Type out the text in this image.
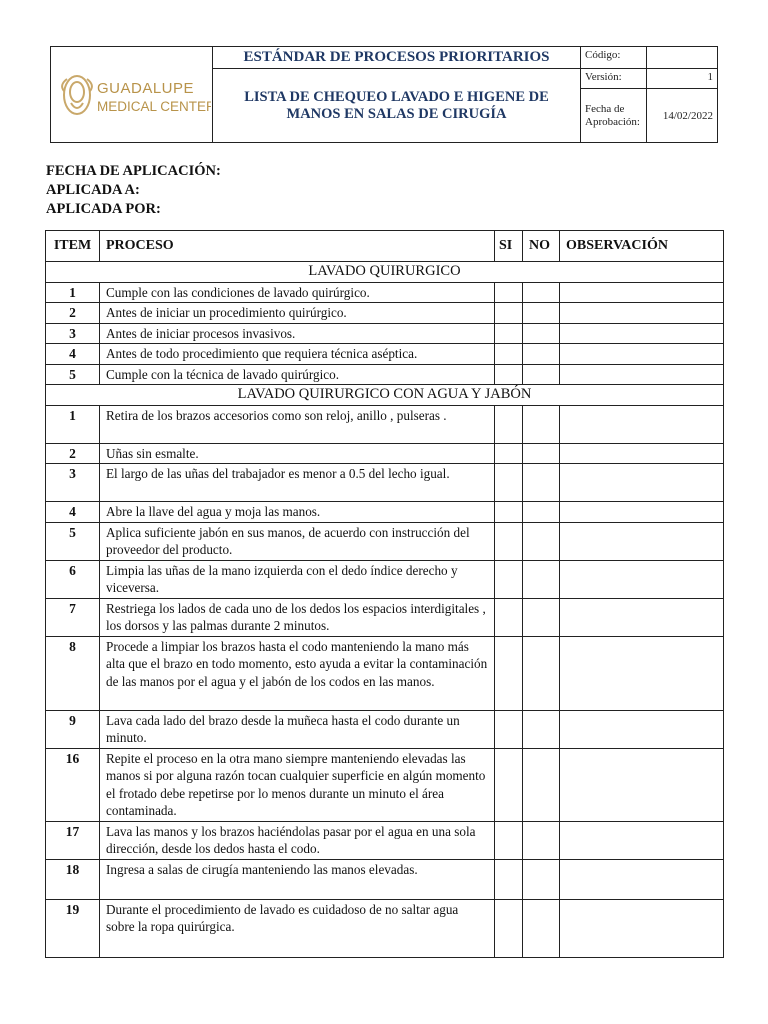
GUADALUPE
MEDICAL CENTER
ESTÁNDAR DE PROCESOS PRIORITARIOS
LISTA DE CHEQUEO LAVADO E HIGENE DE MANOS EN SALAS DE CIRUGÍA
Código:
Versión:	1
Fecha de Aprobación:	14/02/2022
FECHA DE APLICACIÓN:
APLICADA A:
APLICADA POR:
ITEM	PROCESO	SI	NO	OBSERVACIÓN
LAVADO QUIRURGICO				
1	Cumple con las condiciones de lavado quirúrgico.			
2	Antes de iniciar un procedimiento quirúrgico.			
3	Antes de iniciar procesos invasivos.			
4	Antes de todo procedimiento que requiera técnica aséptica.			
5	Cumple con la técnica de lavado quirúrgico.			
LAVADO QUIRURGICO CON AGUA Y JABÓN				
1	Retira de los brazos accesorios como son reloj, anillo , pulseras .			
2	Uñas sin esmalte.			
3	El largo de las uñas del trabajador es menor a 0.5 del lecho igual.			
4	Abre la llave del agua y moja las manos.			
5	Aplica suficiente jabón en sus manos, de acuerdo con instrucción del proveedor del producto.			
6	Limpia las uñas de la mano izquierda con el dedo índice derecho y viceversa.			
7	Restriega los lados de cada uno de los dedos los espacios interdigitales , los dorsos y las palmas durante 2 minutos.			
8	Procede a limpiar los brazos hasta el codo manteniendo la mano más alta que el brazo en todo momento, esto ayuda a evitar la contaminación de las manos por el agua y el jabón de los codos en las manos.			
9	Lava cada lado del brazo desde la muñeca hasta el codo durante un minuto.			
16	Repite el proceso en la otra mano siempre manteniendo elevadas las manos si por alguna razón tocan cualquier superficie en algún momento el frotado debe repetirse por lo menos durante un minuto el área contaminada.			
17	Lava las manos y los brazos haciéndolas pasar por el agua en una sola dirección, desde los dedos hasta el codo.			
18	Ingresa a salas de cirugía manteniendo las manos elevadas.			
19	Durante el procedimiento de lavado es cuidadoso de no saltar agua sobre la ropa quirúrgica.			
